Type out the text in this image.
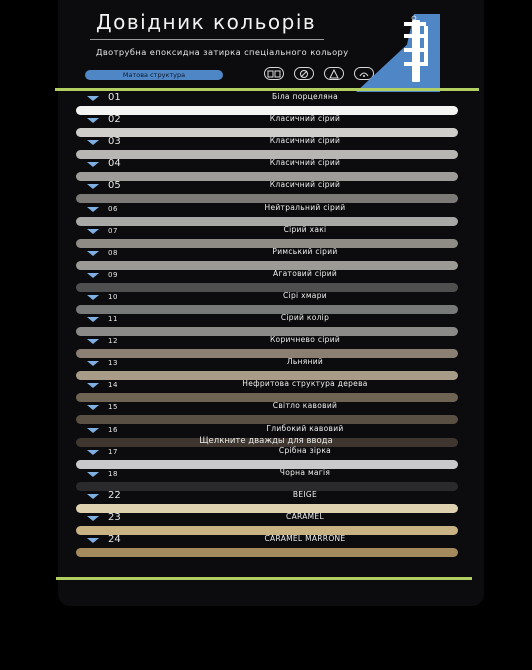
Довідник кольорів
Двотрубна епоксидна затирка спеціального кольору
Матова структура
01	Біла порцеляна
02	Класичний сірий
03	Класичний сірий
04	Класичний сірий
05	Класичний сірий
06	Нейтральний сірий
07	Сірий хакі
08	Римський сірий
09	Агатовий сірий
10	Сірі хмари
11	Сірий колір
12	Коричнево сірий
13	Льняний
14	Нефритова структура дерева
15	Світло кавовий
16	Глибокий кавовий
17	Срібна зірка
18	Чорна магія
22	BEIGE
23	CARAMEL
24	CARAMEL MARRONE
Щелкните дважды для ввода
